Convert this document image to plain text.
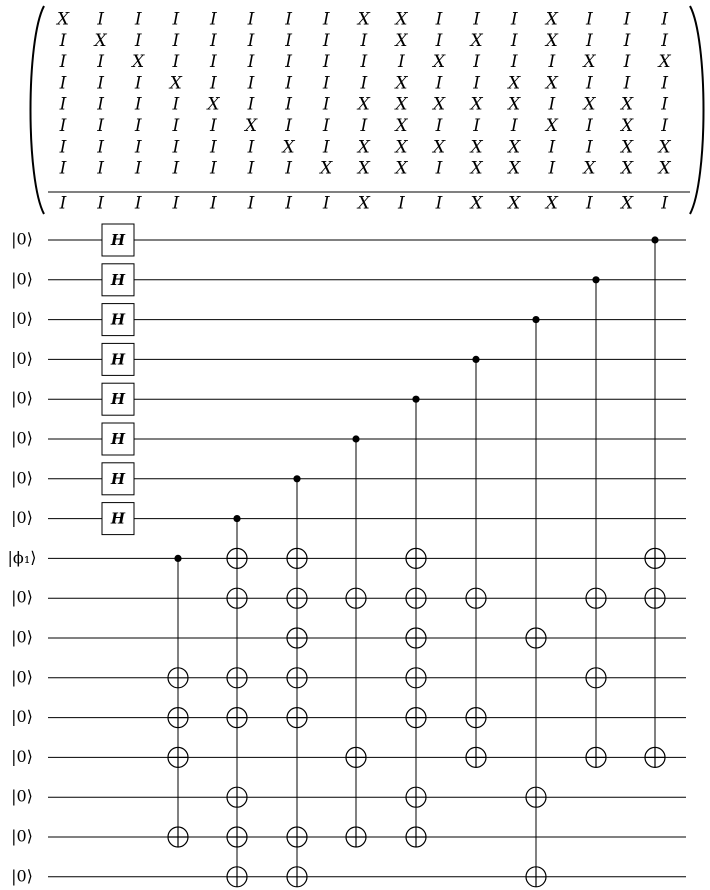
X I I I I I I I X X I I I X I I I
I X I I I I I I I X I X I X I I I
I I X I I I I I I I X I I I X I X
I I I X I I I I I X I I X X I I I
I I I I X I I I X X X X X I X X I
I I I I I X I I I X I I I X I X I
I I I I I I X I X X X X X I I X X
I I I I I I I X X X I X X I X X X
I I I I I I I I X I I X X X I X I
|0⟩
|0⟩
|0⟩
|0⟩
|0⟩
|0⟩
|0⟩
|0⟩
|ϕ₁⟩
|0⟩
|0⟩
|0⟩
|0⟩
|0⟩
|0⟩
|0⟩
|0⟩
H
H
H
H
H
H
H
H
